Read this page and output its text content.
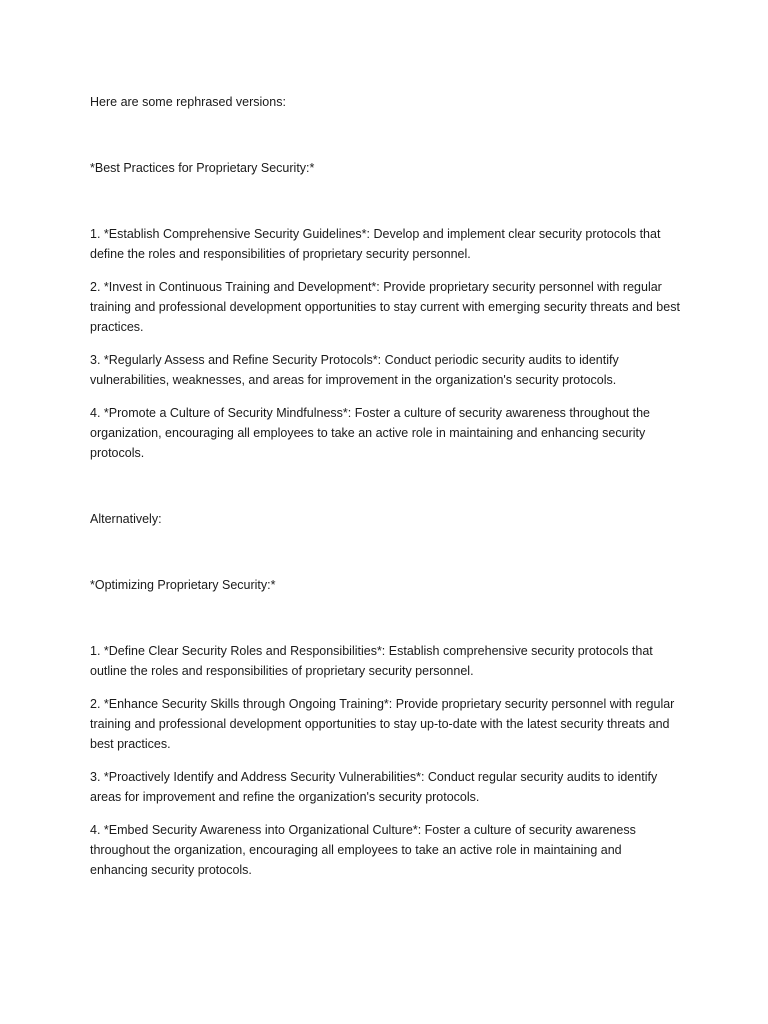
Here are some rephrased versions:

*Best Practices for Proprietary Security:*

1. *Establish Comprehensive Security Guidelines*: Develop and implement clear security protocols that define the roles and responsibilities of proprietary security personnel.

2. *Invest in Continuous Training and Development*: Provide proprietary security personnel with regular training and professional development opportunities to stay current with emerging security threats and best practices.

3. *Regularly Assess and Refine Security Protocols*: Conduct periodic security audits to identify vulnerabilities, weaknesses, and areas for improvement in the organization's security protocols.

4. *Promote a Culture of Security Mindfulness*: Foster a culture of security awareness throughout the organization, encouraging all employees to take an active role in maintaining and enhancing security protocols.

Alternatively:

*Optimizing Proprietary Security:*

1. *Define Clear Security Roles and Responsibilities*: Establish comprehensive security protocols that outline the roles and responsibilities of proprietary security personnel.

2. *Enhance Security Skills through Ongoing Training*: Provide proprietary security personnel with regular training and professional development opportunities to stay up-to-date with the latest security threats and best practices.

3. *Proactively Identify and Address Security Vulnerabilities*: Conduct regular security audits to identify areas for improvement and refine the organization's security protocols.

4. *Embed Security Awareness into Organizational Culture*: Foster a culture of security awareness throughout the organization, encouraging all employees to take an active role in maintaining and enhancing security protocols.
